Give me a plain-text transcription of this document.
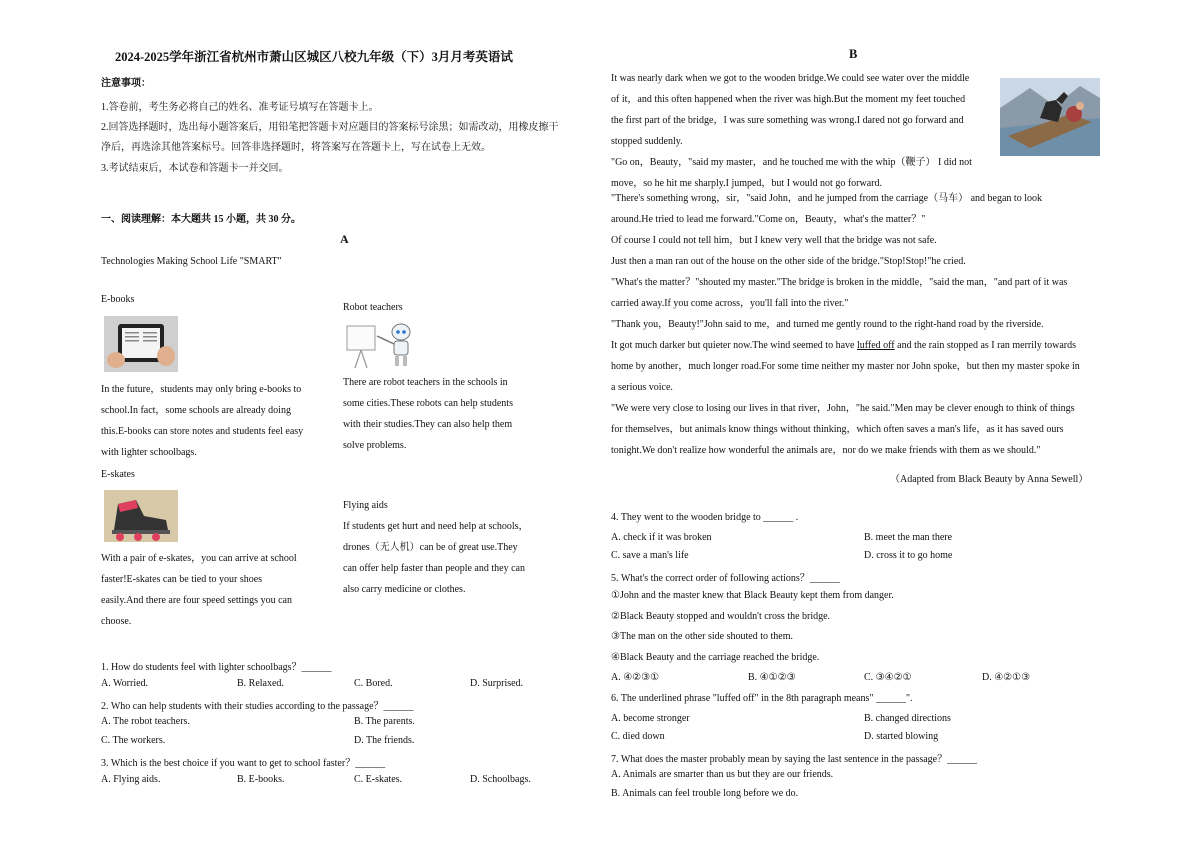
2024-2025学年浙江省杭州市萧山区城区八校九年级（下）3月月考英语试
注意事项：
1.答卷前，考生务必将自己的姓名、准考证号填写在答题卡上。
2.回答选择题时，选出每小题答案后，用铅笔把答题卡对应题目的答案标号涂黑；如需改动，用橡皮擦干
净后，再选涂其他答案标号。回答非选择题时，将答案写在答题卡上，写在试卷上无效。
3.考试结束后，本试卷和答题卡一并交回。
一、阅读理解：本大题共 15 小题，共 30 分。
A
Technologies Making School Life "SMART"
E-books
In the future，students may only bring e-books to
school.In fact，some schools are already doing
this.E-books can store notes and students feel easy
with lighter schoolbags.
Robot teachers
There are robot teachers in the schools in
some cities.These robots can help students
with their studies.They can also help them
solve problems.
E-skates
With a pair of e-skates，you can arrive at school
faster!E-skates can be tied to your shoes
easily.And there are four speed settings you can
choose.
Flying aids
If students get hurt and need help at schools，
drones（无人机）can be of great use.They
can offer help faster than people and they can
also carry medicine or clothes.
1. How do students feel with lighter schoolbags？______
A. Worried.	B. Relaxed.	C. Bored.	D. Surprised.
2. Who can help students with their studies according to the passage？______
A. The robot teachers.	B. The parents.
C. The workers.	D. The friends.
3. Which is the best choice if you want to get to school faster？______
A. Flying aids.	B. E-books.	C. E-skates.	D. Schoolbags.
B
It was nearly dark when we got to the wooden bridge.We could see water over the middle
of it，and this often happened when the river was high.But the moment my feet touched
the first part of the bridge，I was sure something was wrong.I dared not go forward and
stopped suddenly.
"Go on，Beauty，"said my master，and he touched me with the whip（鞭子） I did not
move，so he hit me sharply.I jumped，but I would not go forward.
"There's something wrong，sir，"said John，and he jumped from the carriage（马车） and began to look
around.He tried to lead me forward."Come on，Beauty，what's the matter？"
Of course I could not tell him，but I knew very well that the bridge was not safe.
Just then a man ran out of the house on the other side of the bridge."Stop!Stop!"he cried.
"What's the matter？"shouted my master."The bridge is broken in the middle，"said the man，"and part of it was
carried away.If you come across，you'll fall into the river."
"Thank you，Beauty!"John said to me，and turned me gently round to the right-hand road by the riverside.
It got much darker but quieter now.The wind seemed to have luffed off and the rain stopped as I ran merrily towards
home by another，much longer road.For some time neither my master nor John spoke，but then my master spoke in
a serious voice.
"We were very close to losing our lives in that river，John，"he said."Men may be clever enough to think of things
for themselves，but animals know things without thinking，which often saves a man's life，as it has saved ours
tonight.We don't realize how wonderful the animals are，nor do we make friends with them as we should."
（Adapted from Black Beauty by Anna Sewell）
4. They went to the wooden bridge to ______ .
A. check if it was broken	B. meet the man there
C. save a man's life	D. cross it to go home
5. What's the correct order of following actions？______
①John and the master knew that Black Beauty kept them from danger.
②Black Beauty stopped and wouldn't cross the bridge.
③The man on the other side shouted to them.
④Black Beauty and the carriage reached the bridge.
A. ④②③①	B. ④①②③	C. ③④②①	D. ④②①③
6. The underlined phrase "luffed off" in the 8th paragraph means" ______".
A. become stronger	B. changed directions
C. died down	D. started blowing
7. What does the master probably mean by saying the last sentence in the passage？______
A. Animals are smarter than us but they are our friends.
B. Animals can feel trouble long before we do.
